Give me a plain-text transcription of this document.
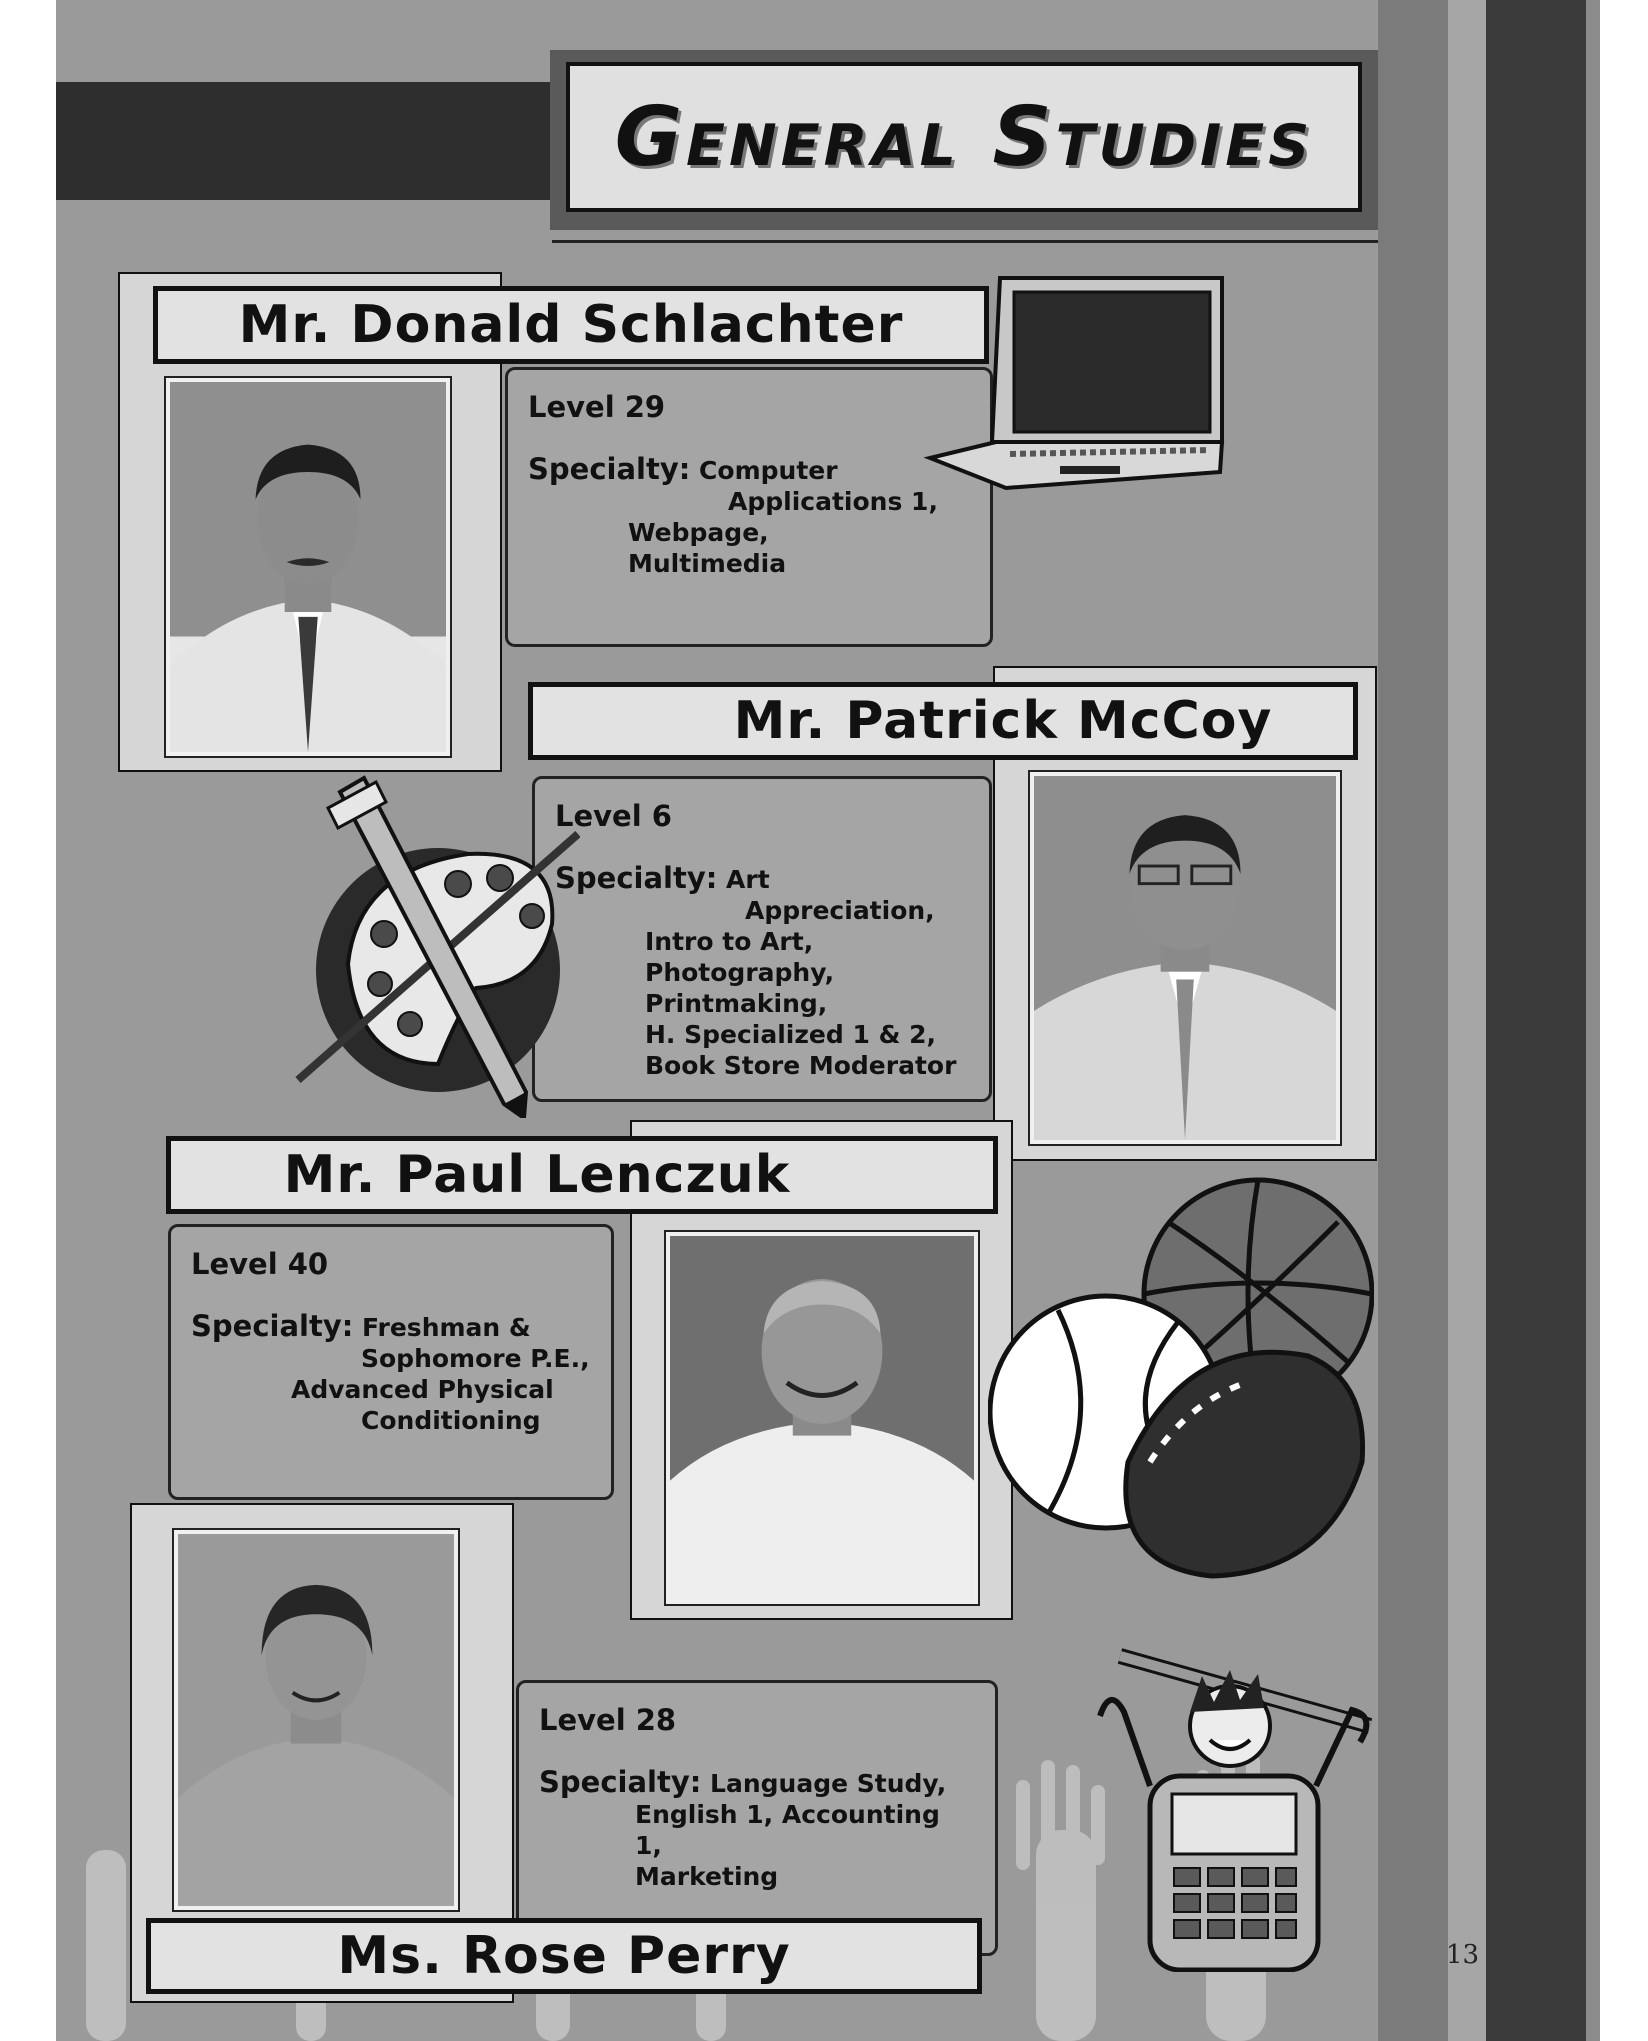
General Studies
Mr. Donald Schlachter
Level 29
Specialty: Computer
Applications 1,
Webpage,
Multimedia
Mr. Patrick McCoy
Level 6
Specialty: Art
Appreciation,
Intro to Art,
Photography,
Printmaking,
H. Specialized 1 & 2,
Book Store Moderator
Mr. Paul Lenczuk
Level 40
Specialty: Freshman &
Sophomore P.E.,
Advanced Physical
Conditioning
Level 28
Specialty: Language Study,
English 1, Accounting 1,
Marketing
Ms. Rose Perry	13
